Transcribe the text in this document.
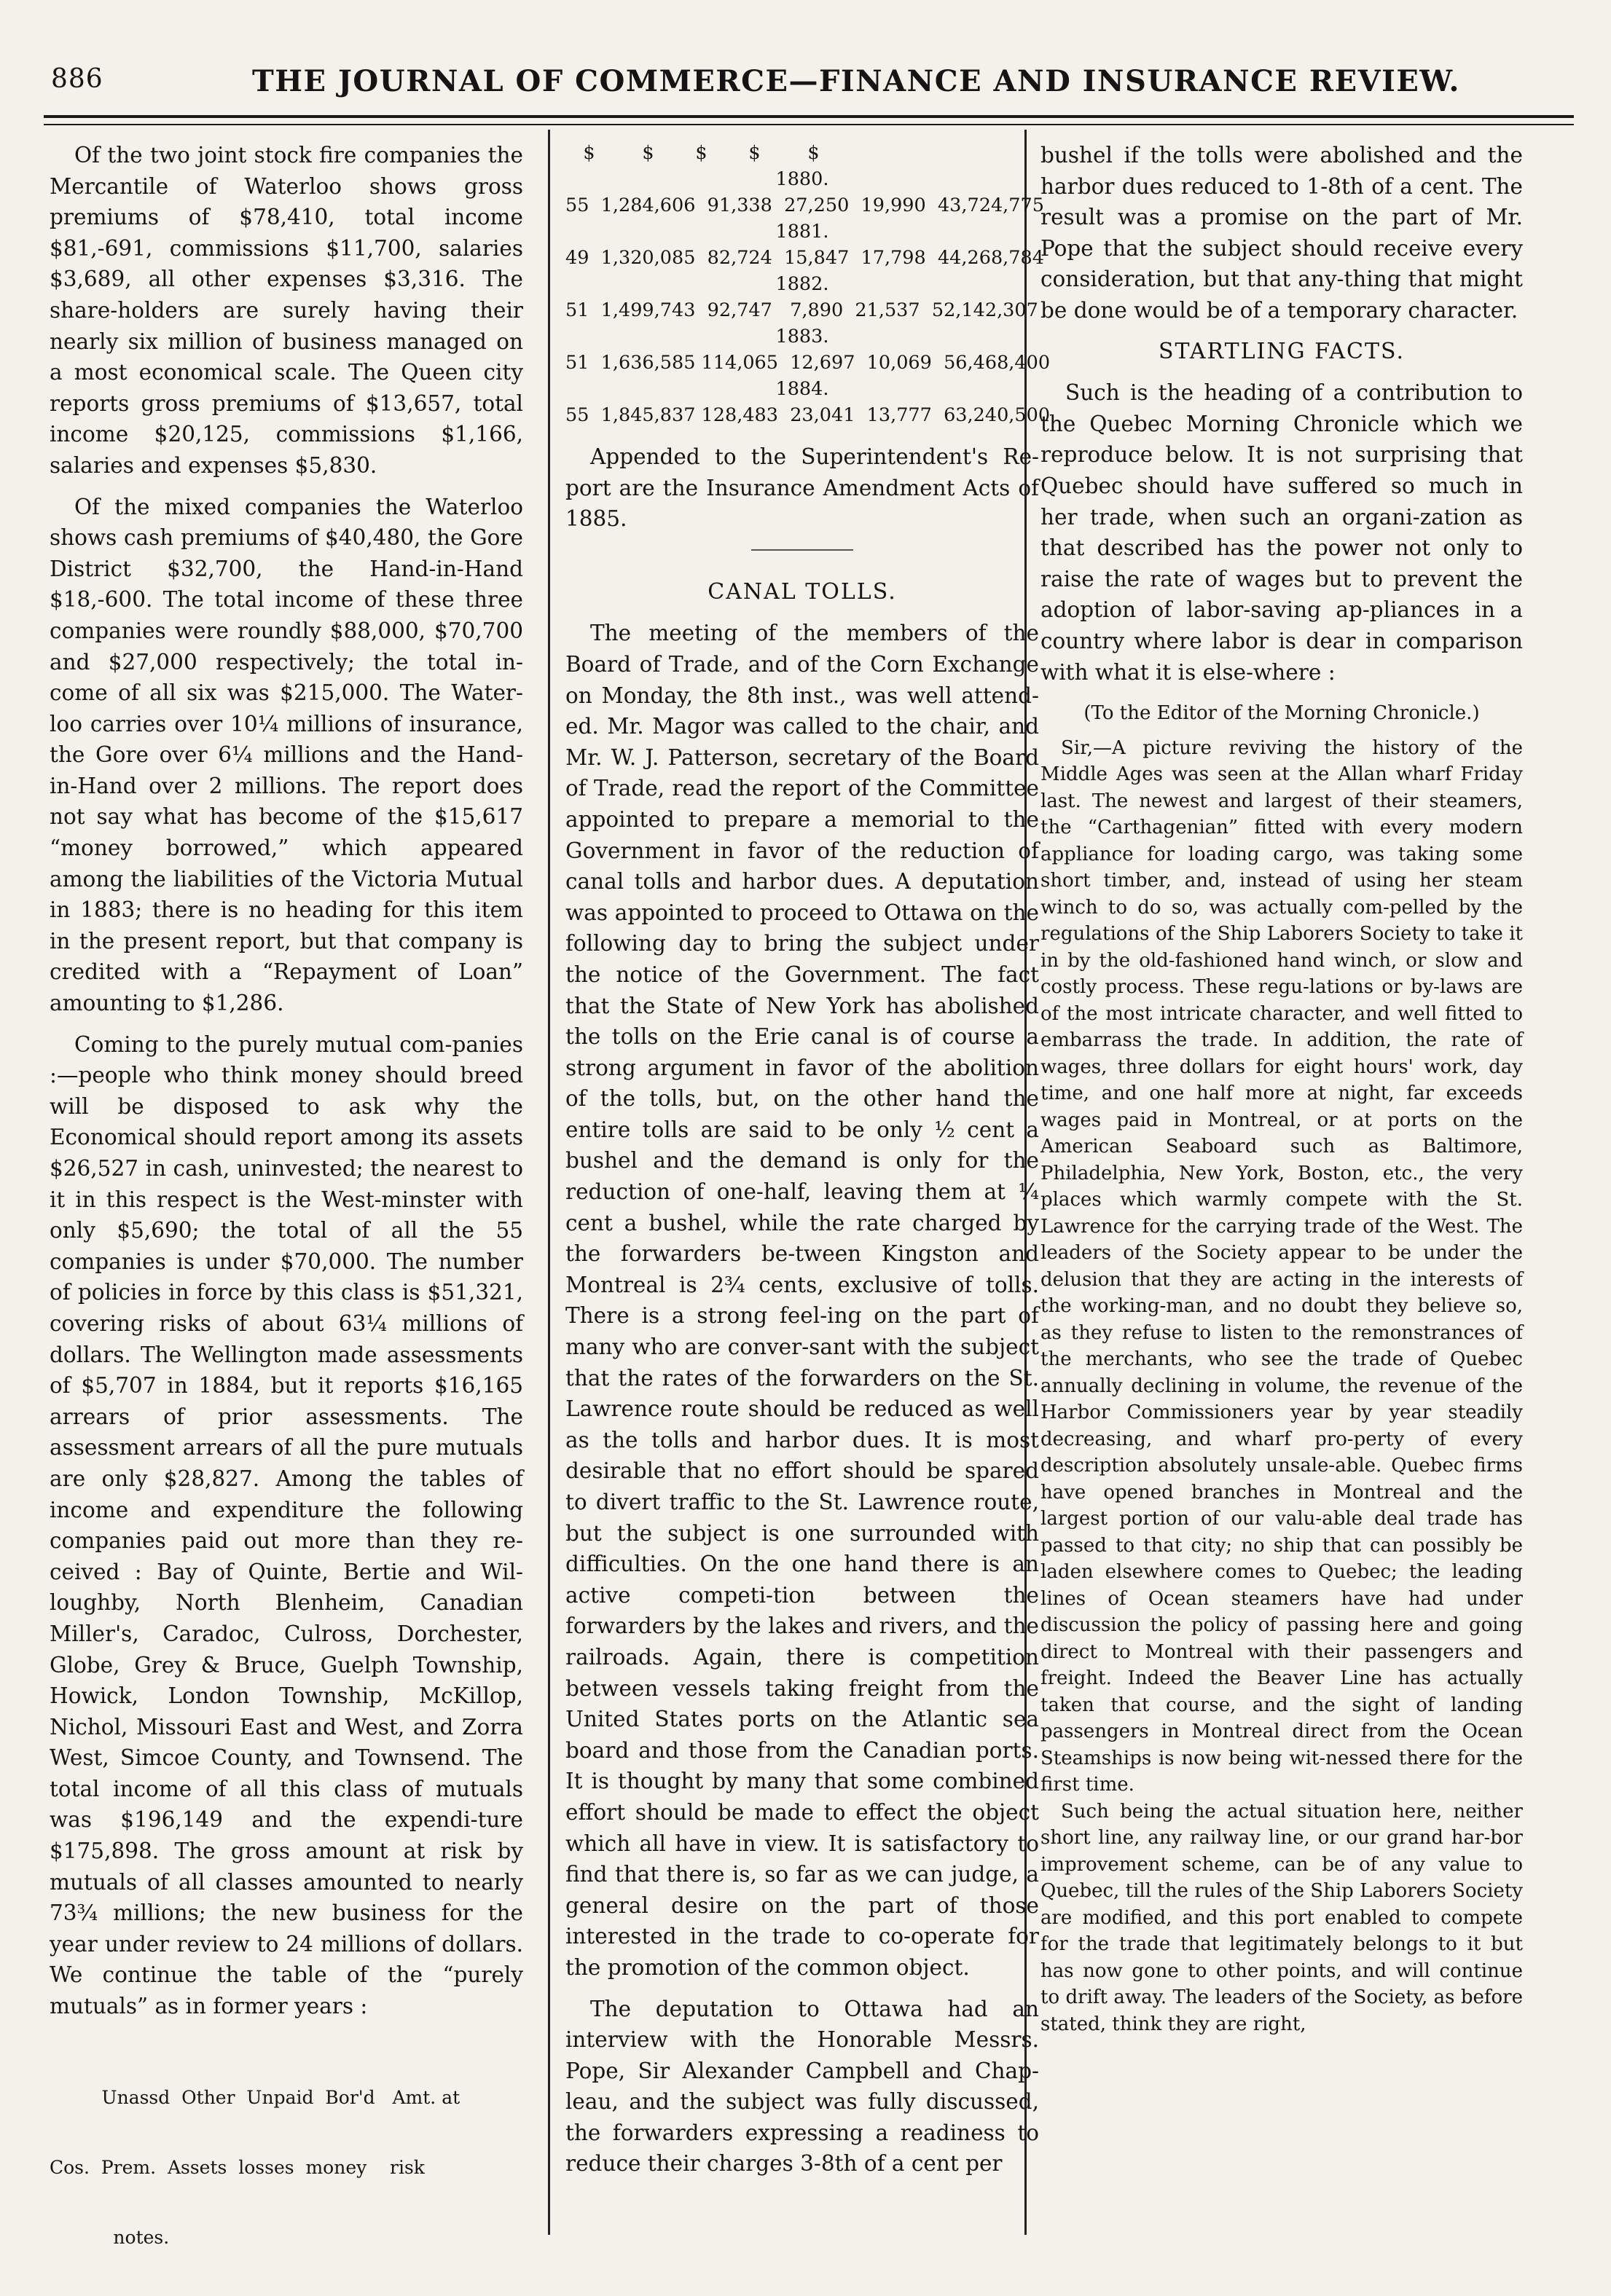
886	THE JOURNAL OF COMMERCE—FINANCE AND INSURANCE REVIEW.

Of the two joint stock fire companies the Mercantile of Waterloo shows gross premiums of $78,410, total income $81,-691, commissions $11,700, salaries $3,689, all other expenses $3,316. The share-holders are surely having their nearly six million of business managed on a most economical scale. The Queen city reports gross premiums of $13,657, total income $20,125, commissions $1,166, salaries and expenses $5,830.

Of the mixed companies the Waterloo shows cash premiums of $40,480, the Gore District $32,700, the Hand-in-Hand $18,-600. The total income of these three companies were roundly $88,000, $70,700 and $27,000 respectively; the total in-come of all six was $215,000. The Water-loo carries over 10¼ millions of insurance, the Gore over 6¼ millions and the Hand-in-Hand over 2 millions. The report does not say what has become of the $15,617 “money borrowed,” which appeared among the liabilities of the Victoria Mutual in 1883; there is no heading for this item in the present report, but that company is credited with a “Repayment of Loan” amounting to $1,286.

Coming to the purely mutual com-panies :—people who think money should breed will be disposed to ask why the Economical should report among its assets $26,527 in cash, uninvested; the nearest to it in this respect is the West-minster with only $5,690; the total of all the 55 companies is under $70,000. The number of policies in force by this class is $51,321, covering risks of about 63¼ millions of dollars. The Wellington made assessments of $5,707 in 1884, but it reports $16,165 arrears of prior assessments. The assessment arrears of all the pure mutuals are only $28,827. Among the tables of income and expenditure the following companies paid out more than they re-ceived : Bay of Quinte, Bertie and Wil-loughby, North Blenheim, Canadian Miller's, Caradoc, Culross, Dorchester, Globe, Grey & Bruce, Guelph Township, Howick, London Township, McKillop, Nichol, Missouri East and West, and Zorra West, Simcoe County, and Townsend. The total income of all this class of mutuals was $196,149 and the expendi-ture $175,898. The gross amount at risk by mutuals of all classes amounted to nearly 73¾ millions; the new business for the year under review to 24 millions of dollars. We continue the table of the “purely mutuals” as in former years :

Unassd  Other  Unpaid  Bor'd   Amt. at

Cos.  Prem.  Assets  losses  money    risk

notes.

$        $       $       $        $
1880.
55  1,284,606  91,338  27,250  19,990  43,724,775
1881.
49  1,320,085  82,724  15,847  17,798  44,268,784
1882.
51  1,499,743  92,747   7,890  21,537  52,142,307
1883.
51  1,636,585 114,065  12,697  10,069  56,468,400
1884.
55  1,845,837 128,483  23,041  13,777  63,240,500

Appended to the Superintendent's Re-port are the Insurance Amendment Acts of 1885.

CANAL TOLLS.

The meeting of the members of the Board of Trade, and of the Corn Exchange on Monday, the 8th inst., was well attend-ed. Mr. Magor was called to the chair, and Mr. W. J. Patterson, secretary of the Board of Trade, read the report of the Committee appointed to prepare a memorial to the Government in favor of the reduction of canal tolls and harbor dues. A deputation was appointed to proceed to Ottawa on the following day to bring the subject under the notice of the Government. The fact that the State of New York has abolished the tolls on the Erie canal is of course a strong argument in favor of the abolition of the tolls, but, on the other hand the entire tolls are said to be only ½ cent a bushel and the demand is only for the reduction of one-half, leaving them at ¼ cent a bushel, while the rate charged by the forwarders be-tween Kingston and Montreal is 2¾ cents, exclusive of tolls. There is a strong feel-ing on the part of many who are conver-sant with the subject that the rates of the forwarders on the St. Lawrence route should be reduced as well as the tolls and harbor dues. It is most desirable that no effort should be spared to divert traffic to the St. Lawrence route, but the subject is one surrounded with difficulties. On the one hand there is an active competi-tion between the forwarders by the lakes and rivers, and the railroads. Again, there is competition between vessels taking freight from the United States ports on the Atlantic sea board and those from the Canadian ports. It is thought by many that some combined effort should be made to effect the object which all have in view. It is satisfactory to find that there is, so far as we can judge, a general desire on the part of those interested in the trade to co-operate for the promotion of the common object.

The deputation to Ottawa had an interview with the Honorable Messrs. Pope, Sir Alexander Campbell and Chap-leau, and the subject was fully discussed, the forwarders expressing a readiness to reduce their charges 3-8th of a cent per

bushel if the tolls were abolished and the harbor dues reduced to 1-8th of a cent. The result was a promise on the part of Mr. Pope that the subject should receive every consideration, but that any-thing that might be done would be of a temporary character.

STARTLING FACTS.

Such is the heading of a contribution to the Quebec Morning Chronicle which we reproduce below. It is not surprising that Quebec should have suffered so much in her trade, when such an organi-zation as that described has the power not only to raise the rate of wages but to prevent the adoption of labor-saving ap-pliances in a country where labor is dear in comparison with what it is else-where :

(To the Editor of the Morning Chronicle.)

Sir,—A picture reviving the history of the Middle Ages was seen at the Allan wharf Friday last. The newest and largest of their steamers, the “Carthagenian” fitted with every modern appliance for loading cargo, was taking some short timber, and, instead of using her steam winch to do so, was actually com-pelled by the regulations of the Ship Laborers Society to take it in by the old-fashioned hand winch, or slow and costly process. These regu-lations or by-laws are of the most intricate character, and well fitted to embarrass the trade. In addition, the rate of wages, three dollars for eight hours' work, day time, and one half more at night, far exceeds wages paid in Montreal, or at ports on the American Seaboard such as Baltimore, Philadelphia, New York, Boston, etc., the very places which warmly compete with the St. Lawrence for the carrying trade of the West. The leaders of the Society appear to be under the delusion that they are acting in the interests of the working-man, and no doubt they believe so, as they refuse to listen to the remonstrances of the merchants, who see the trade of Quebec annually declining in volume, the revenue of the Harbor Commissioners year by year steadily decreasing, and wharf pro-perty of every description absolutely unsale-able. Quebec firms have opened branches in Montreal and the largest portion of our valu-able deal trade has passed to that city; no ship that can possibly be laden elsewhere comes to Quebec; the leading lines of Ocean steamers have had under discussion the policy of passing here and going direct to Montreal with their passengers and freight. Indeed the Beaver Line has actually taken that course, and the sight of landing passengers in Montreal direct from the Ocean Steamships is now being wit-nessed there for the first time.

Such being the actual situation here, neither short line, any railway line, or our grand har-bor improvement scheme, can be of any value to Quebec, till the rules of the Ship Laborers Society are modified, and this port enabled to compete for the trade that legitimately belongs to it but has now gone to other points, and will continue to drift away. The leaders of the Society, as before stated, think they are right,
